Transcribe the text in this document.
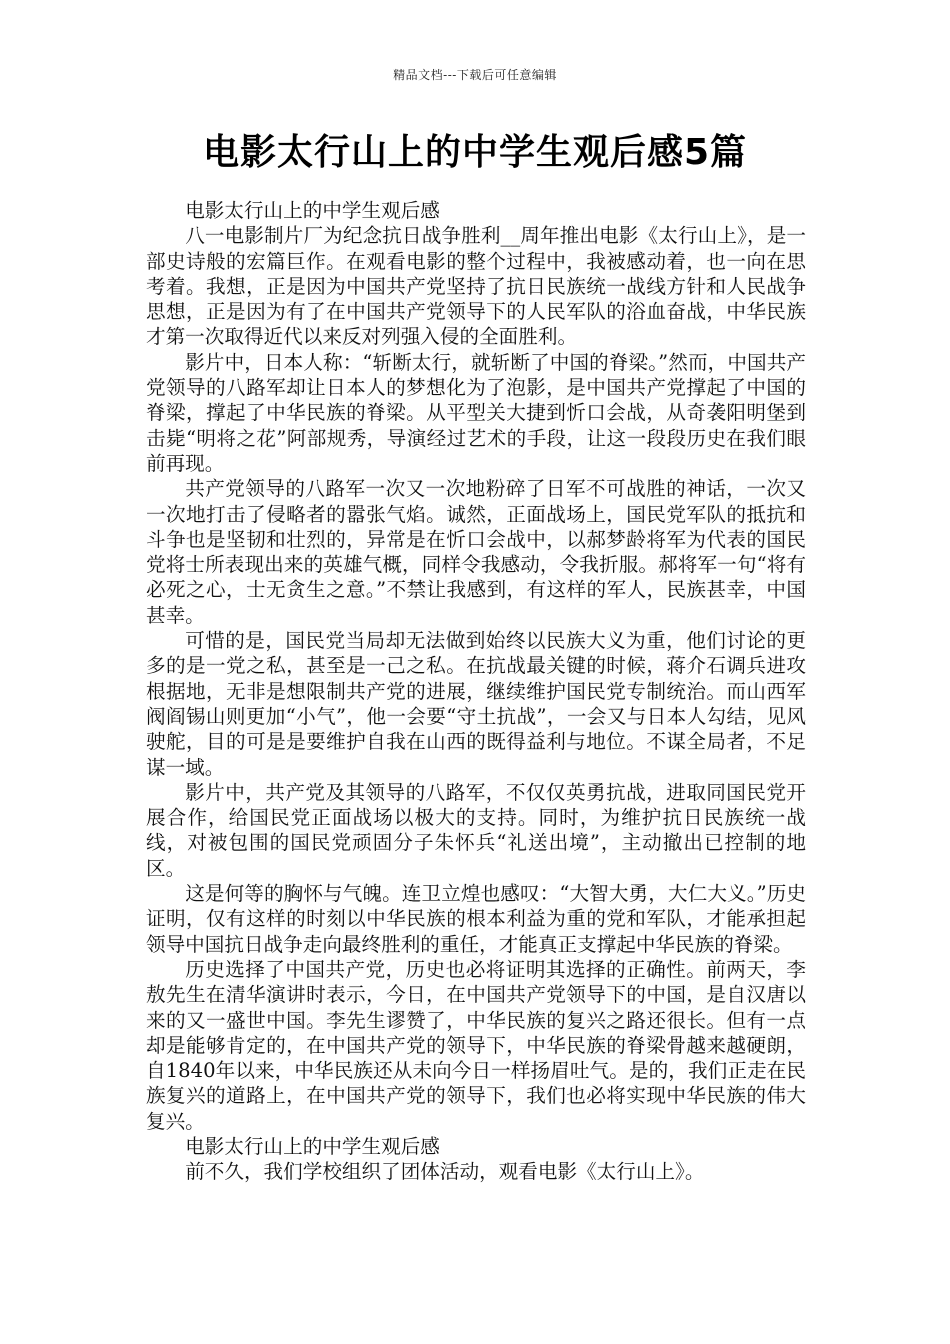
精品文档---下载后可任意编辑
电影太行山上的中学生观后感5篇

电影太行山上的中学生观后感

八一电影制片厂为纪念抗日战争胜利__周年推出电影《太行山上》，是一部史诗般的宏篇巨作。在观看电影的整个过程中，我被感动着，也一向在思考着。我想，正是因为中国共产党坚持了抗日民族统一战线方针和人民战争思想，正是因为有了在中国共产党领导下的人民军队的浴血奋战，中华民族才第一次取得近代以来反对列强入侵的全面胜利。

影片中，日本人称：“斩断太行，就斩断了中国的脊梁。”然而，中国共产党领导的八路军却让日本人的梦想化为了泡影，是中国共产党撑起了中国的脊梁，撑起了中华民族的脊梁。从平型关大捷到忻口会战，从奇袭阳明堡到击毙“明将之花”阿部规秀，导演经过艺术的手段，让这一段段历史在我们眼前再现。

共产党领导的八路军一次又一次地粉碎了日军不可战胜的神话，一次又一次地打击了侵略者的嚣张气焰。诚然，正面战场上，国民党军队的抵抗和斗争也是坚韧和壮烈的，异常是在忻口会战中，以郝梦龄将军为代表的国民党将士所表现出来的英雄气概，同样令我感动，令我折服。郝将军一句“将有必死之心，士无贪生之意。”不禁让我感到，有这样的军人，民族甚幸，中国甚幸。

可惜的是，国民党当局却无法做到始终以民族大义为重，他们讨论的更多的是一党之私，甚至是一己之私。在抗战最关键的时候，蒋介石调兵进攻根据地，无非是想限制共产党的进展，继续维护国民党专制统治。而山西军阀阎锡山则更加“小气”，他一会要“守土抗战”，一会又与日本人勾结，见风驶舵，目的可是是要维护自我在山西的既得益利与地位。不谋全局者，不足谋一域。

影片中，共产党及其领导的八路军，不仅仅英勇抗战，进取同国民党开展合作，给国民党正面战场以极大的支持。同时，为维护抗日民族统一战线，对被包围的国民党顽固分子朱怀兵“礼送出境”，主动撤出已控制的地区。

这是何等的胸怀与气魄。连卫立煌也感叹：“大智大勇，大仁大义。”历史证明，仅有这样的时刻以中华民族的根本利益为重的党和军队，才能承担起领导中国抗日战争走向最终胜利的重任，才能真正支撑起中华民族的脊梁。

历史选择了中国共产党，历史也必将证明其选择的正确性。前两天，李敖先生在清华演讲时表示，今日，在中国共产党领导下的中国，是自汉唐以来的又一盛世中国。李先生谬赞了，中华民族的复兴之路还很长。但有一点却是能够肯定的，在中国共产党的领导下，中华民族的脊梁骨越来越硬朗，自1840年以来，中华民族还从未向今日一样扬眉吐气。是的，我们正走在民族复兴的道路上，在中国共产党的领导下，我们也必将实现中华民族的伟大复兴。

电影太行山上的中学生观后感

前不久，我们学校组织了团体活动，观看电影《太行山上》。
